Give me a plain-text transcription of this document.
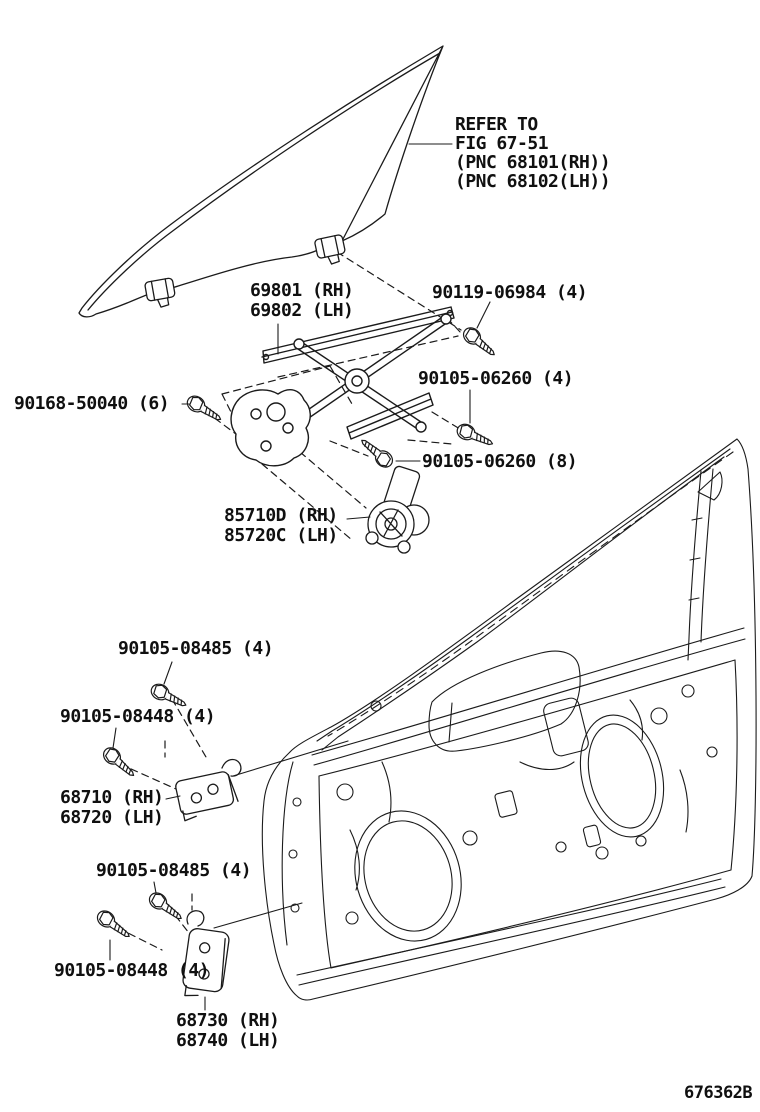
REFER TO
FIG 67-51
(PNC 68101(RH))
(PNC 68102(LH))
69801 (RH)
69802 (LH)
90119-06984 (4)
90105-06260 (4)
90168-50040 (6)
90105-06260 (8)
85710D (RH)
85720C (LH)
90105-08485 (4)
90105-08448 (4)
68710 (RH)
68720 (LH)
90105-08485 (4)
90105-08448 (4)
68730 (RH)
68740 (LH)
676362B
